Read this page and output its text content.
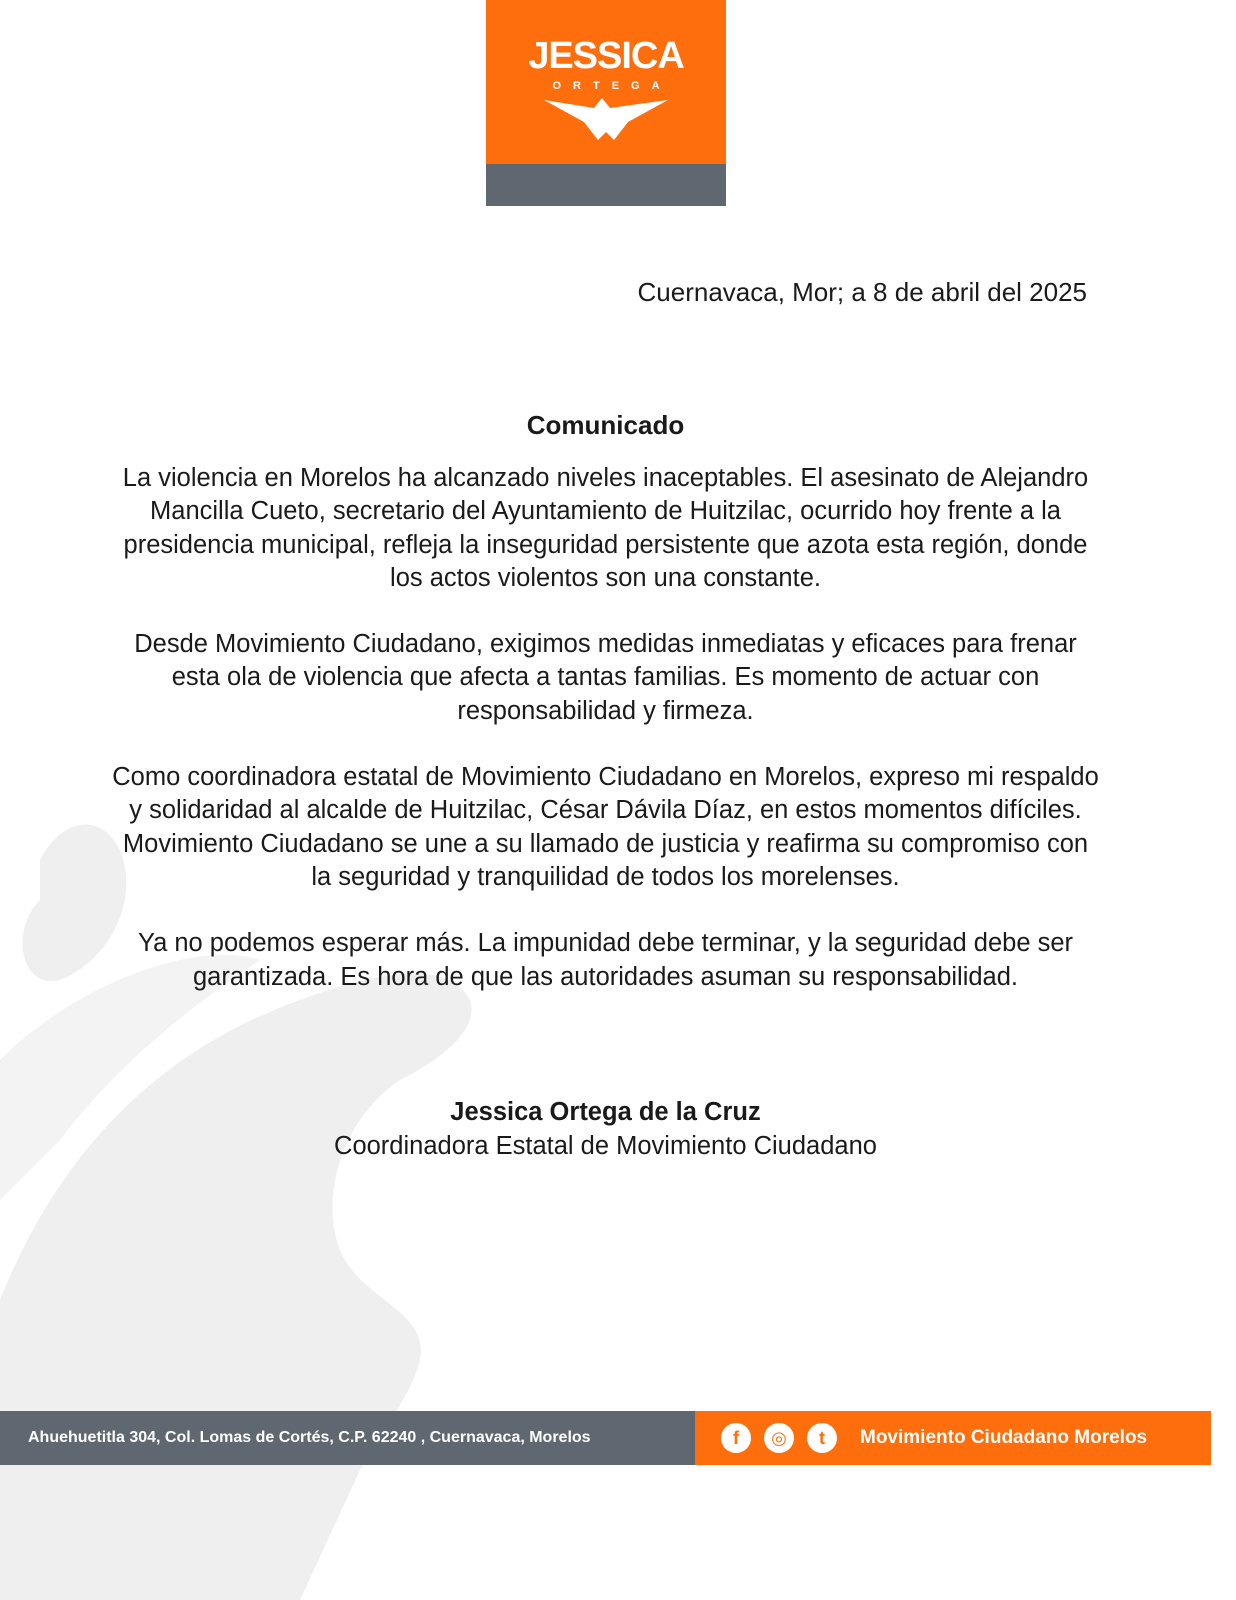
JESSICA
ORTEGA
Cuernavaca, Mor; a 8 de abril del 2025
Comunicado

La violencia en Morelos ha alcanzado niveles inaceptables. El asesinato de Alejandro Mancilla Cueto, secretario del Ayuntamiento de Huitzilac, ocurrido hoy frente a la presidencia municipal, refleja la inseguridad persistente que azota esta región, donde los actos violentos son una constante.

Desde Movimiento Ciudadano, exigimos medidas inmediatas y eficaces para frenar esta ola de violencia que afecta a tantas familias. Es momento de actuar con responsabilidad y firmeza.

Como coordinadora estatal de Movimiento Ciudadano en Morelos, expreso mi respaldo y solidaridad al alcalde de Huitzilac, César Dávila Díaz, en estos momentos difíciles. Movimiento Ciudadano se une a su llamado de justicia y reafirma su compromiso con la seguridad y tranquilidad de todos los morelenses.

Ya no podemos esperar más. La impunidad debe terminar, y la seguridad debe ser garantizada. Es hora de que las autoridades asuman su responsabilidad.

Jessica Ortega de la Cruz
Coordinadora Estatal de Movimiento Ciudadano
Ahuehuetitla 304, Col. Lomas de Cortés, C.P. 62240 , Cuernavaca, Morelos	f	◎	t	Movimiento Ciudadano Morelos
